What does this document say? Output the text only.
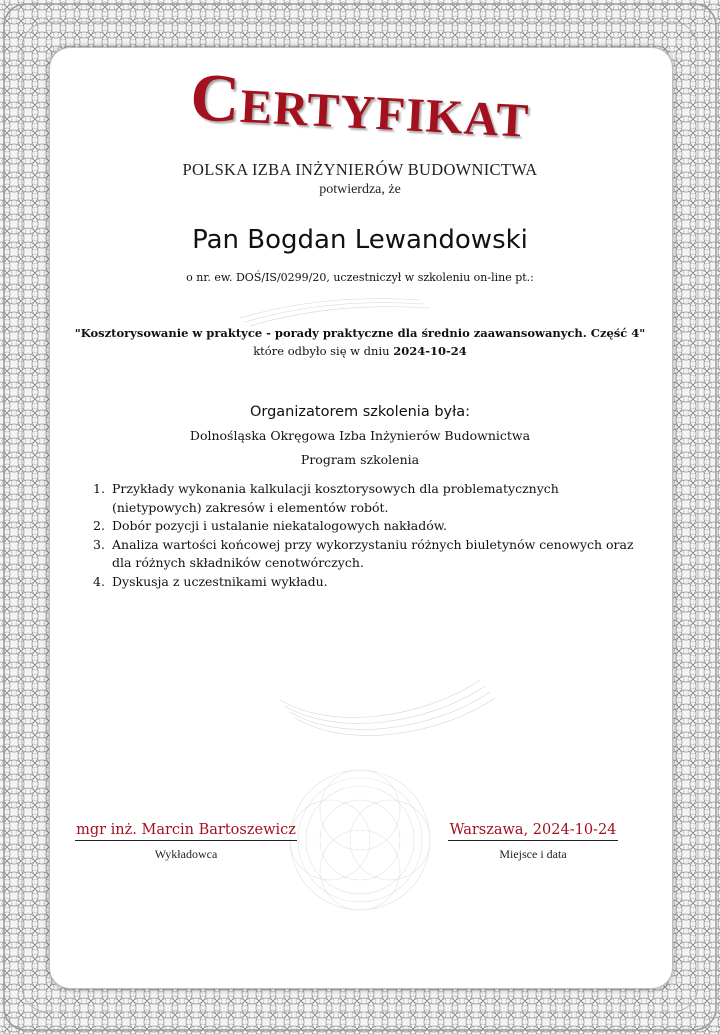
Certyfikat
POLSKA IZBA INŻYNIERÓW BUDOWNICTWA
potwierdza, że
Pan Bogdan Lewandowski
o nr. ew. DOŚ/IS/0299/20, uczestniczył w szkoleniu on-line pt.:
"Kosztorysowanie w praktyce - porady praktyczne dla średnio zaawansowanych. Część 4"
które odbyło się w dniu 2024-10-24
Organizatorem szkolenia była:
Dolnośląska Okręgowa Izba Inżynierów Budownictwa
Program szkolenia
1. Przykłady wykonania kalkulacji kosztorysowych dla problematycznych (nietypowych) zakresów i elementów robót.
2. Dobór pozycji i ustalanie niekatalogowych nakładów.
3. Analiza wartości końcowej przy wykorzystaniu różnych biuletynów cenowych oraz dla różnych składników cenotwórczych.
4. Dyskusja z uczestnikami wykładu.
mgr inż. Marcin Bartoszewicz
Wykładowca
Warszawa, 2024-10-24
Miejsce i data
